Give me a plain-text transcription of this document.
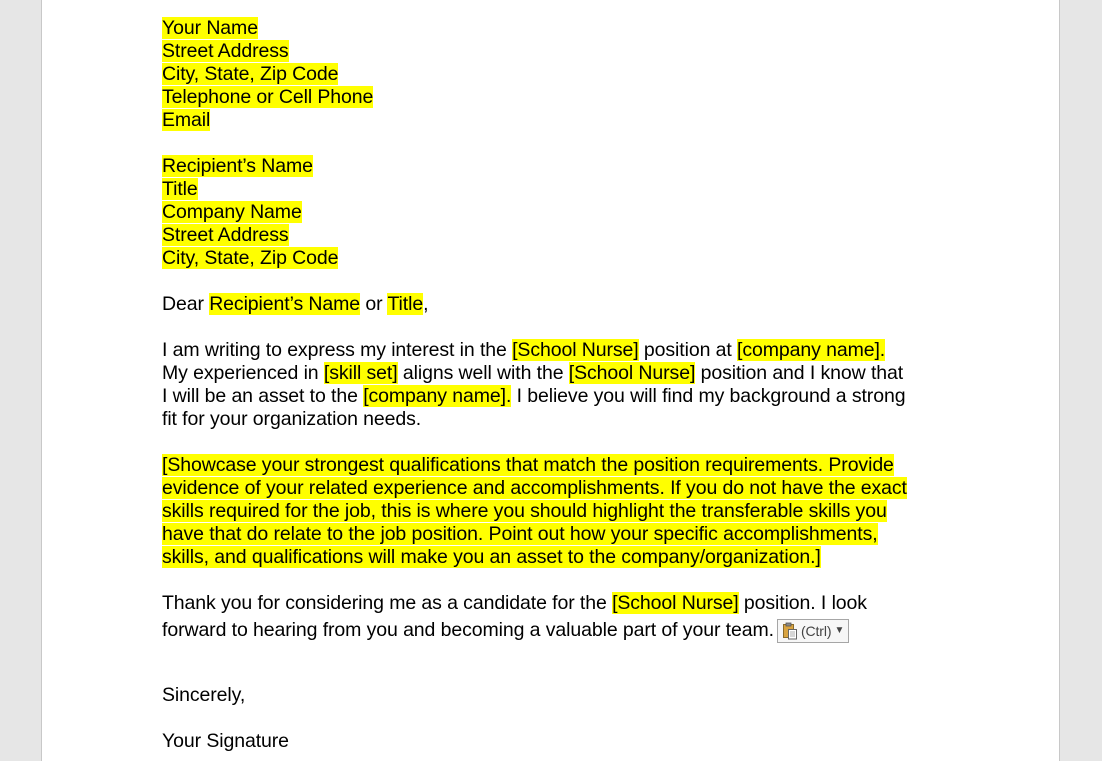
Your Name
Street Address
City, State, Zip Code
Telephone or Cell Phone
Email
Recipient’s Name
Title
Company Name
Street Address
City, State, Zip Code
Dear Recipient’s Name or Title,
I am writing to express my interest in the [School Nurse] position at [company name].
My experienced in [skill set] aligns well with the [School Nurse] position and I know that
I will be an asset to the [company name]. I believe you will find my background a strong
fit for your organization needs.
[Showcase your strongest qualifications that match the position requirements. Provide
evidence of your related experience and accomplishments. If you do not have the exact
skills required for the job, this is where you should highlight the transferable skills you
have that do relate to the job position. Point out how your specific accomplishments,
skills, and qualifications will make you an asset to the company/organization.]
Thank you for considering me as a candidate for the [School Nurse] position. I look
forward to hearing from you and becoming a valuable part of your team. (Ctrl) ▼
Sincerely,
Your Signature
